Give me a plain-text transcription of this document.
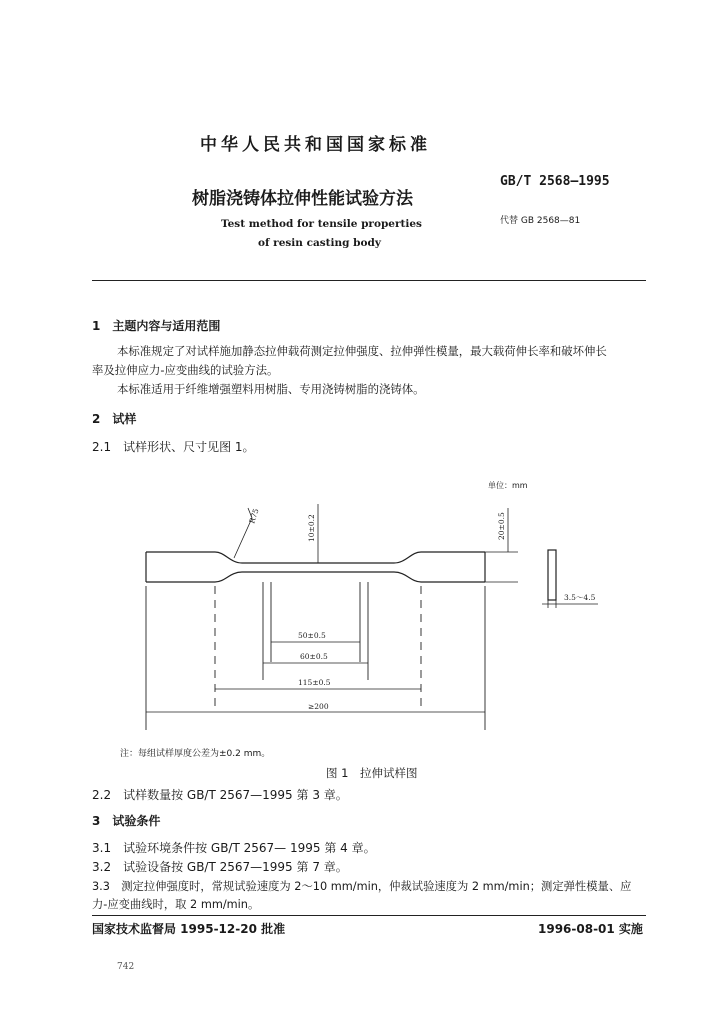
中华人民共和国国家标准
GB/T 2568—1995
树脂浇铸体拉伸性能试验方法
代替 GB 2568—81
Test method for tensile properties
of resin casting body
1　主题内容与适用范围
本标准规定了对试样施加静态拉伸载荷测定拉伸强度、拉伸弹性模量，最大载荷伸长率和破坏伸长
率及拉伸应力-应变曲线的试验方法。
本标准适用于纤维增强塑料用树脂、专用浇铸树脂的浇铸体。
2　试样
2.1　试样形状、尺寸见图 1。
单位：mm
R75	10±0.2	20±0.5
50±0.5
60±0.5
115±0.5
≥200
3.5～4.5
注：每组试样厚度公差为±0.2 mm。
图 1　拉伸试样图
2.2　试样数量按 GB/T 2567—1995 第 3 章。
3　试验条件
3.1　试验环境条件按 GB/T 2567— 1995 第 4 章。
3.2　试验设备按 GB/T 2567—1995 第 7 章。
3.3　测定拉伸强度时，常规试验速度为 2～10 mm/min，仲裁试验速度为 2 mm/min；测定弹性模量、应
力-应变曲线时，取 2 mm/min。
国家技术监督局 1995-12-20 批准	1996-08-01 实施
742
